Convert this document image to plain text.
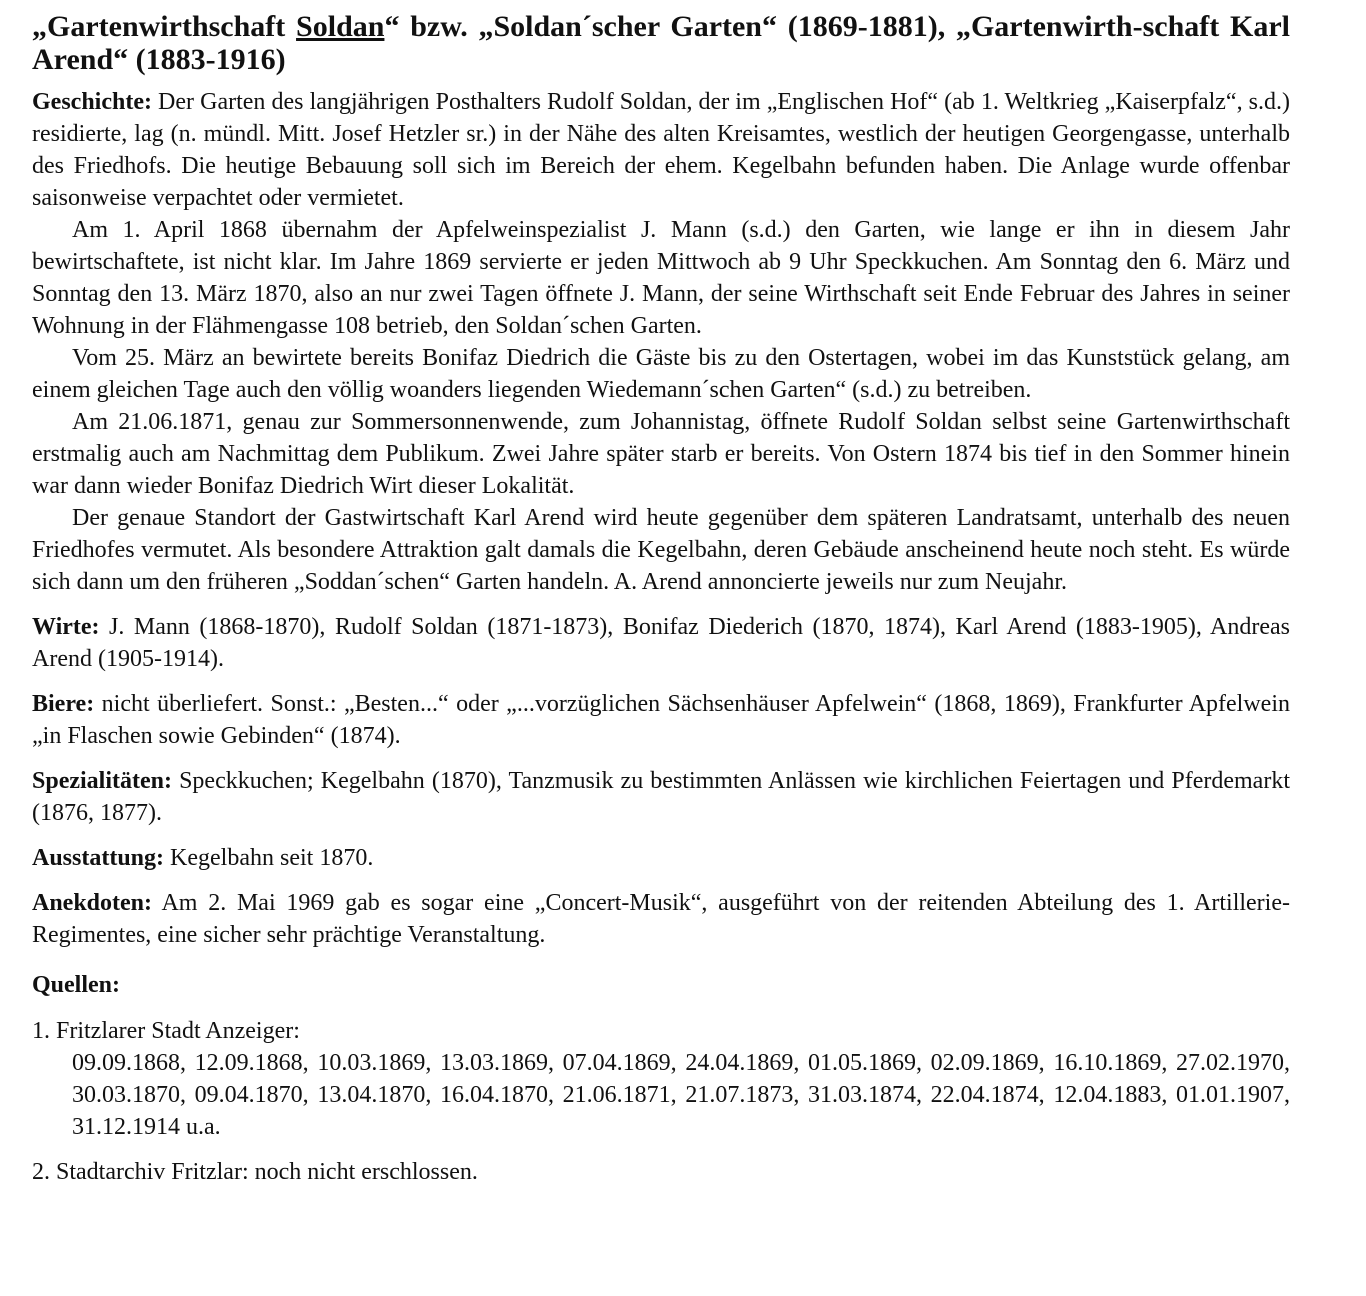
„Gartenwirthschaft Soldan“ bzw. „Soldan´scher Garten“ (1869-1881), „Gartenwirth-schaft Karl Arend“ (1883-1916)

Geschichte: Der Garten des langjährigen Posthalters Rudolf Soldan, der im „Englischen Hof“ (ab 1. Weltkrieg „Kaiserpfalz“, s.d.) residierte, lag (n. mündl. Mitt. Josef Hetzler sr.) in der Nähe des alten Kreisamtes, westlich der heutigen Georgengasse, unterhalb des Friedhofs. Die heutige Bebauung soll sich im Bereich der ehem. Kegelbahn befunden haben. Die Anlage wurde offenbar saisonweise verpachtet oder vermietet.

Am 1. April 1868 übernahm der Apfelweinspezialist J. Mann (s.d.) den Garten, wie lange er ihn in diesem Jahr bewirtschaftete, ist nicht klar. Im Jahre 1869 servierte er jeden Mittwoch ab 9 Uhr Speckkuchen. Am Sonntag den 6. März und Sonntag den 13. März 1870, also an nur zwei Tagen öffnete J. Mann, der seine Wirthschaft seit Ende Februar des Jahres in seiner Wohnung in der Flähmengasse 108 betrieb, den Soldan´schen Garten.

Vom 25. März an bewirtete bereits Bonifaz Diedrich die Gäste bis zu den Ostertagen, wobei im das Kunststück gelang, am einem gleichen Tage auch den völlig woanders liegenden Wiedemann´schen Garten“ (s.d.) zu betreiben.

Am 21.06.1871, genau zur Sommersonnenwende, zum Johannistag, öffnete Rudolf Soldan selbst seine Gartenwirthschaft erstmalig auch am Nachmittag dem Publikum. Zwei Jahre später starb er bereits. Von Ostern 1874 bis tief in den Sommer hinein war dann wieder Bonifaz Diedrich Wirt dieser Lokalität.

Der genaue Standort der Gastwirtschaft Karl Arend wird heute gegenüber dem späteren Landratsamt, unterhalb des neuen Friedhofes vermutet. Als besondere Attraktion galt damals die Kegelbahn, deren Gebäude anscheinend heute noch steht. Es würde sich dann um den früheren „Soddan´schen“ Garten handeln. A. Arend annoncierte jeweils nur zum Neujahr.

Wirte: J. Mann (1868-1870), Rudolf Soldan (1871-1873), Bonifaz Diederich (1870, 1874), Karl Arend (1883-1905), Andreas Arend (1905-1914).

Biere: nicht überliefert. Sonst.: „Besten...“ oder „...vorzüglichen Sächsenhäuser Apfelwein“ (1868, 1869), Frankfurter Apfelwein „in Flaschen sowie Gebinden“ (1874).

Spezialitäten: Speckkuchen; Kegelbahn (1870), Tanzmusik zu bestimmten Anlässen wie kirchlichen Feiertagen und Pferdemarkt (1876, 1877).

Ausstattung: Kegelbahn seit 1870.

Anekdoten: Am 2. Mai 1969 gab es sogar eine „Concert-Musik“, ausgeführt von der reitenden Abteilung des 1. Artillerie-Regimentes, eine sicher sehr prächtige Veranstaltung.

Quellen:
1. Fritzlarer Stadt Anzeiger:
09.09.1868, 12.09.1868, 10.03.1869, 13.03.1869, 07.04.1869, 24.04.1869, 01.05.1869, 02.09.1869, 16.10.1869, 27.02.1970, 30.03.1870, 09.04.1870, 13.04.1870, 16.04.1870, 21.06.1871, 21.07.1873, 31.03.1874, 22.04.1874, 12.04.1883, 01.01.1907, 31.12.1914 u.a.
2. Stadtarchiv Fritzlar: noch nicht erschlossen.
